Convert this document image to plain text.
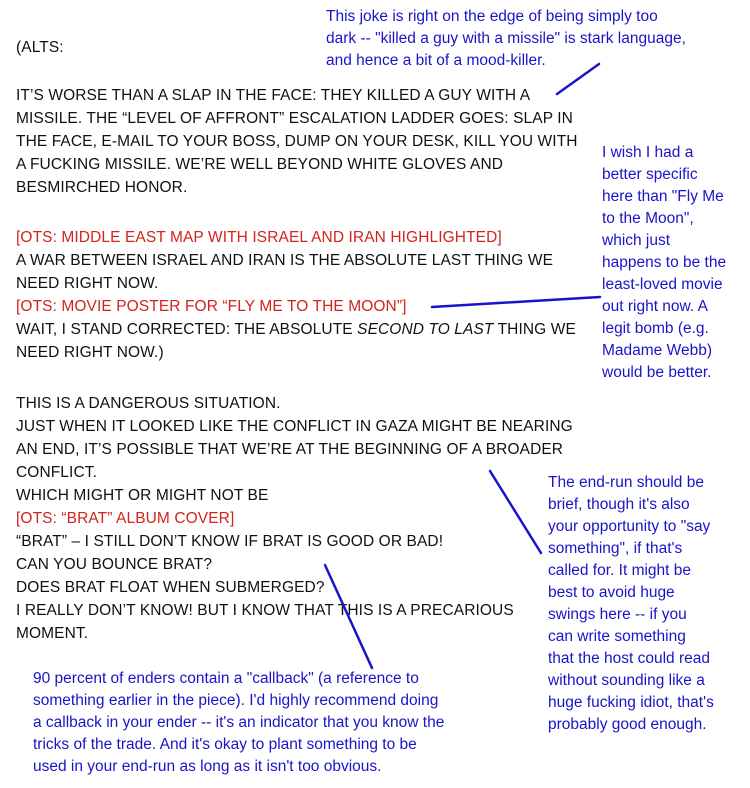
(ALTS:
IT’S WORSE THAN A SLAP IN THE FACE: THEY KILLED A GUY WITH A
MISSILE. THE “LEVEL OF AFFRONT” ESCALATION LADDER GOES: SLAP IN
THE FACE, E-MAIL TO YOUR BOSS, DUMP ON YOUR DESK, KILL YOU WITH
A FUCKING MISSILE. WE’RE WELL BEYOND WHITE GLOVES AND
BESMIRCHED HONOR.
[OTS: MIDDLE EAST MAP WITH ISRAEL AND IRAN HIGHLIGHTED]
A WAR BETWEEN ISRAEL AND IRAN IS THE ABSOLUTE LAST THING WE
NEED RIGHT NOW.
[OTS: MOVIE POSTER FOR “FLY ME TO THE MOON”]
WAIT, I STAND CORRECTED: THE ABSOLUTE SECOND TO LAST THING WE
NEED RIGHT NOW.)
THIS IS A DANGEROUS SITUATION.
JUST WHEN IT LOOKED LIKE THE CONFLICT IN GAZA MIGHT BE NEARING
AN END, IT’S POSSIBLE THAT WE’RE AT THE BEGINNING OF A BROADER
CONFLICT.
WHICH MIGHT OR MIGHT NOT BE
[OTS: “BRAT” ALBUM COVER]
“BRAT” – I STILL DON’T KNOW IF BRAT IS GOOD OR BAD!
CAN YOU BOUNCE BRAT?
DOES BRAT FLOAT WHEN SUBMERGED?
I REALLY DON’T KNOW! BUT I KNOW THAT THIS IS A PRECARIOUS
MOMENT.
This joke is right on the edge of being simply too
dark -- "killed a guy with a missile" is stark language,
and hence a bit of a mood-killer.
I wish I had a
better specific
here than "Fly Me
to the Moon",
which just
happens to be the
least-loved movie
out right now. A
legit bomb (e.g.
Madame Webb)
would be better.
The end-run should be
brief, though it's also
your opportunity to "say
something", if that's
called for. It might be
best to avoid huge
swings here -- if you
can write something
that the host could read
without sounding like a
huge fucking idiot, that's
probably good enough.
90 percent of enders contain a "callback" (a reference to
something earlier in the piece). I'd highly recommend doing
a callback in your ender -- it's an indicator that you know the
tricks of the trade. And it's okay to plant something to be
used in your end-run as long as it isn't too obvious.
